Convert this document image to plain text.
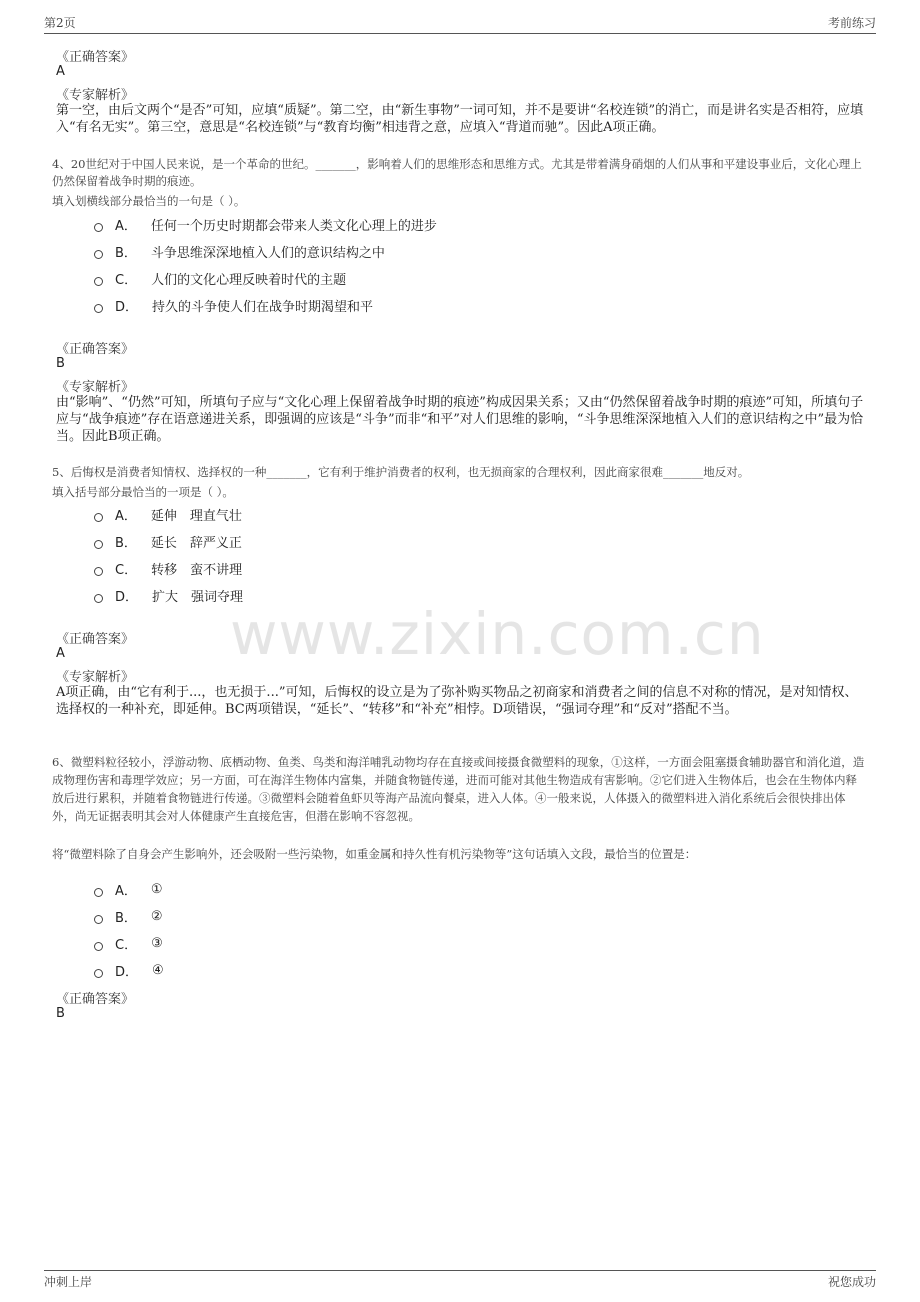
第2页	考前练习
www.zixin.com.cn
《正确答案》
A
《专家解析》
第一空，由后文两个“是否”可知，应填“质疑”。第二空，由“新生事物”一词可知，并不是要讲“名校连锁”的消亡，而是讲名实是否相符，应填入“有名无实”。第三空，意思是“名校连锁”与“教育均衡”相违背之意，应填入“背道而驰”。因此A项正确。
4、20世纪对于中国人民来说，是一个革命的世纪。_______，影响着人们的思维形态和思维方式。尤其是带着满身硝烟的人们从事和平建设事业后，文化心理上仍然保留着战争时期的痕迹。
填入划横线部分最恰当的一句是（ ）。
A． 任何一个历史时期都会带来人类文化心理上的进步
B． 斗争思维深深地植入人们的意识结构之中
C． 人们的文化心理反映着时代的主题
D． 持久的斗争使人们在战争时期渴望和平
《正确答案》
B
《专家解析》
由“影响”、“仍然”可知，所填句子应与“文化心理上保留着战争时期的痕迹”构成因果关系；又由“仍然保留着战争时期的痕迹”可知，所填句子应与“战争痕迹”存在语意递进关系，即强调的应该是“斗争”而非“和平”对人们思维的影响，“斗争思维深深地植入人们的意识结构之中”最为恰当。因此B项正确。
5、后悔权是消费者知情权、选择权的一种_______，它有利于维护消费者的权利，也无损商家的合理权利，因此商家很难_______地反对。
填入括号部分最恰当的一项是（ ）。
A． 延伸　理直气壮
B． 延长　辞严义正
C． 转移　蛮不讲理
D． 扩大　强词夺理
《正确答案》
A
《专家解析》
A项正确，由“它有利于...，也无损于...”可知，后悔权的设立是为了弥补购买物品之初商家和消费者之间的信息不对称的情况，是对知情权、选择权的一种补充，即延伸。BC两项错误，“延长”、“转移”和“补充”相悖。D项错误，“强词夺理”和“反对”搭配不当。
6、微塑料粒径较小，浮游动物、底栖动物、鱼类、鸟类和海洋哺乳动物均存在直接或间接摄食微塑料的现象，①这样，一方面会阻塞摄食辅助器官和消化道，造成物理伤害和毒理学效应；另一方面，可在海洋生物体内富集，并随食物链传递，进而可能对其他生物造成有害影响。②它们进入生物体后，也会在生物体内释放后进行累积，并随着食物链进行传递。③微塑料会随着鱼虾贝等海产品流向餐桌，进入人体。④一般来说，人体摄入的微塑料进入消化系统后会很快排出体外，尚无证据表明其会对人体健康产生直接危害，但潜在影响不容忽视。
将“微塑料除了自身会产生影响外，还会吸附一些污染物，如重金属和持久性有机污染物等”这句话填入文段，最恰当的位置是：
A． ①
B． ②
C． ③
D． ④
《正确答案》
B
冲刺上岸	祝您成功
